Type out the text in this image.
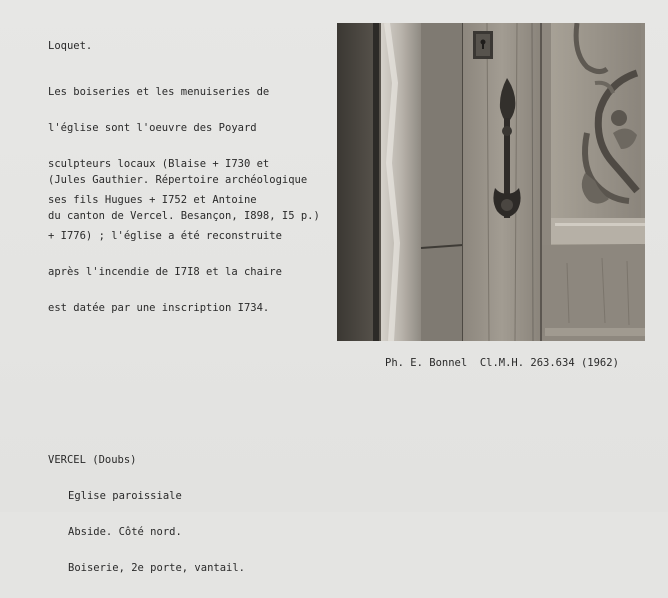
Loquet.

Les boiseries et les menuiseries de

l'église sont l'oeuvre des Poyard

sculpteurs locaux (Blaise + I730 et

ses fils Hugues + I752 et Antoine

+ I776) ; l'église a été reconstruite

après l'incendie de I7I8 et la chaire

est datée par une inscription I734.

(Jules Gauthier. Répertoire archéologique

du canton de Vercel. Besançon, I898, I5 p.)

Ph. E. Bonnel  Cl.M.H. 263.634 (1962)

VERCEL (Doubs)

Eglise paroissiale

Abside. Côté nord.

Boiserie, 2e porte, vantail.
